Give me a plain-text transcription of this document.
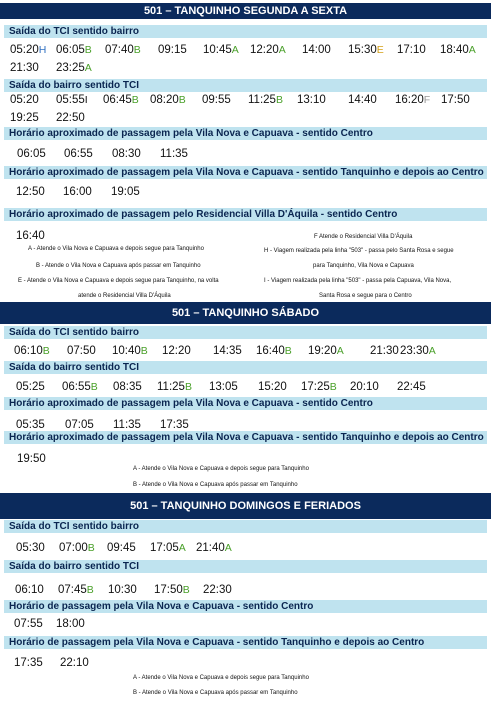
501 – TANQUINHO SEGUNDA A SEXTA
Saída do TCI sentido bairro
05:20H 06:05B 07:40B 09:15 10:45A 12:20A 14:00 15:30E 17:10 18:40A
21:30 23:25A
Saída do bairro sentido TCI
05:20 05:55I 06:45B 08:20B 09:55 11:25B 13:10 14:40 16:20F 17:50
19:25 22:50
Horário aproximado de passagem pela Vila Nova e Capuava - sentido Centro
06:05 06:55 08:30 11:35
Horário aproximado de passagem pela Vila Nova e Capuava - sentido Tanquinho e depois ao Centro
12:50 16:00 19:05
Horário aproximado de passagem pelo Residencial Villa D'Áquila - sentido Centro
16:40
A - Atende o Vila Nova e Capuava e depois segue para Tanquinho
B - Atende o Vila Nova e Capuava após passar em Tanquinho
E - Atende o Vila Nova e Capuava e depois segue para Tanquinho, na volta
atende o Residencial Villa D'Áquila
F Atende o Residencial Villa D'Áquila
H - Viagem realizada pela linha "503" - passa pelo Santa Rosa e segue
para Tanquinho, Vila Nova e Capuava
I - Viagem realizada pela linha "503" - passa pela Capuava, Vila Nova,
Santa Rosa e segue para o Centro
501 – TANQUINHO SÁBADO
Saída do TCI sentido bairro
06:10B 07:50 10:40B 12:20 14:35 16:40B 19:20A 21:30 23:30A
Saída do bairro sentido TCI
05:25 06:55B 08:35 11:25B 13:05 15:20 17:25B 20:10 22:45
Horário aproximado de passagem pela Vila Nova e Capuava - sentido Centro
05:35 07:05 11:35 17:35
Horário aproximado de passagem pela Vila Nova e Capuava - sentido Tanquinho e depois ao Centro
19:50
A - Atende o Vila Nova e Capuava e depois segue para Tanquinho
B - Atende o Vila Nova e Capuava após passar em Tanquinho
501 – TANQUINHO DOMINGOS E FERIADOS
Saída do TCI sentido bairro
05:30 07:00B 09:45 17:05A 21:40A
Saída do bairro sentido TCI
06:10 07:45B 10:30 17:50B 22:30
Horário de passagem pela Vila Nova e Capuava - sentido Centro
07:55 18:00
Horário de passagem pela Vila Nova e Capuava - sentido Tanquinho e depois ao Centro
17:35 22:10
A - Atende o Vila Nova e Capuava e depois segue para Tanquinho
B - Atende o Vila Nova e Capuava após passar em Tanquinho
